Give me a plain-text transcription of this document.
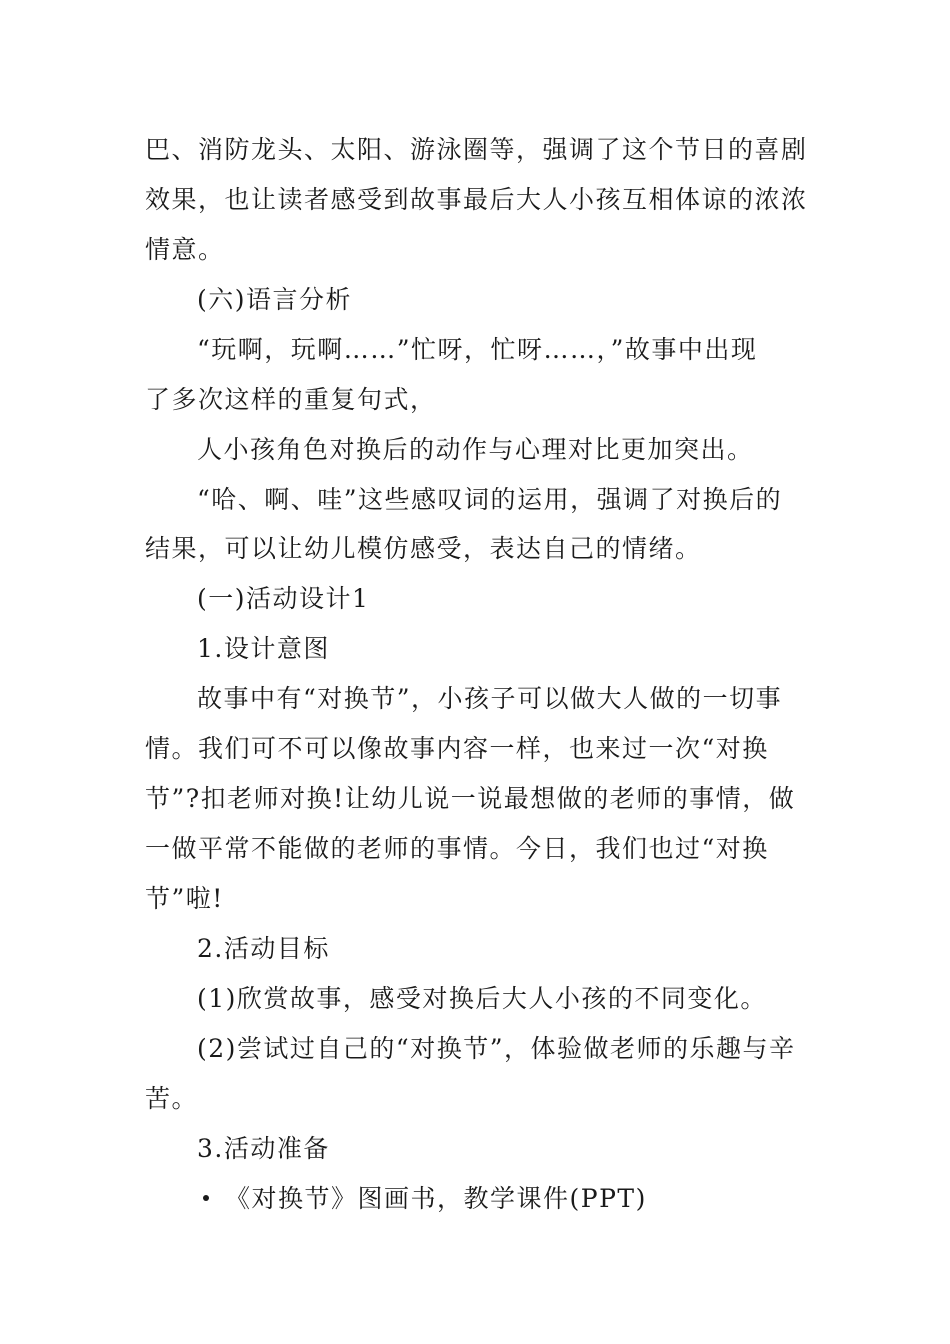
巴、消防龙头、太阳、游泳圈等，强调了这个节日的喜剧
效果，也让读者感受到故事最后大人小孩互相体谅的浓浓
情意。
(六)语言分析
“玩啊，玩啊……”忙呀，忙呀……，”故事中出现
了多次这样的重复句式，
人小孩角色对换后的动作与心理对比更加突出。
“哈、啊、哇”这些感叹词的运用，强调了对换后的
结果，可以让幼儿模仿感受，表达自己的情绪。
(一)活动设计1
1.设计意图
故事中有“对换节”，小孩子可以做大人做的一切事
情。我们可不可以像故事内容一样，也来过一次“对换
节”?扣老师对换!让幼儿说一说最想做的老师的事情，做
一做平常不能做的老师的事情。今日，我们也过“对换
节”啦!
2.活动目标
(1)欣赏故事，感受对换后大人小孩的不同变化。
(2)尝试过自己的“对换节”，体验做老师的乐趣与辛
苦。
3.活动准备
《对换节》图画书，教学课件(PPT)
